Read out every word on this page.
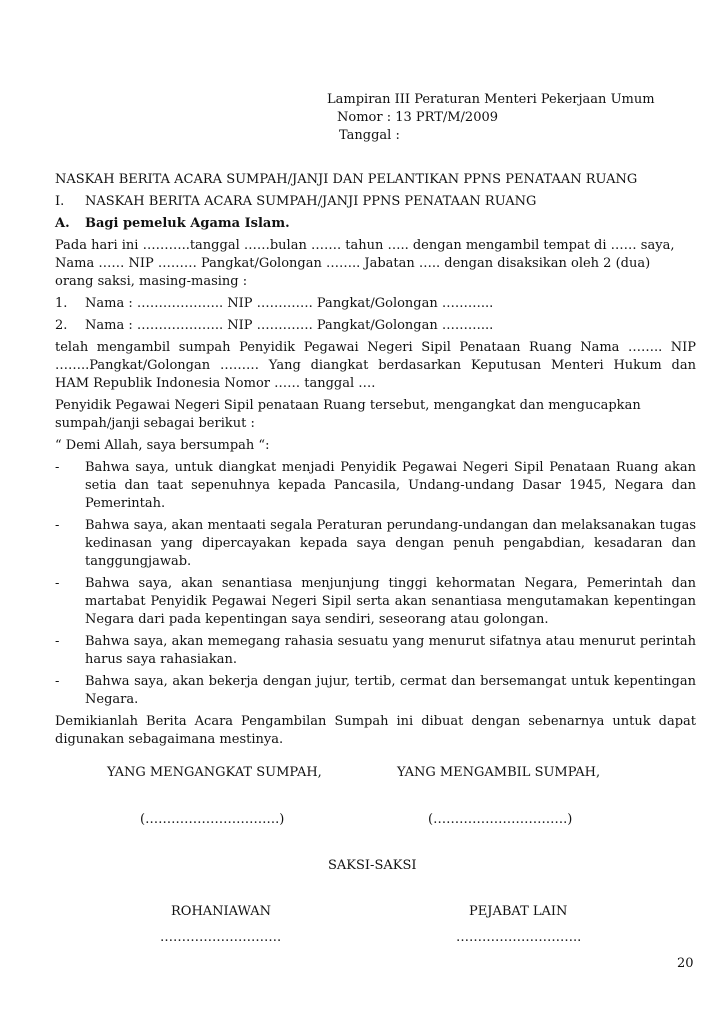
Lampiran III Peraturan Menteri Pekerjaan Umum
Nomor : 13 PRT/M/2009
Tanggal :
NASKAH BERITA ACARA SUMPAH/JANJI DAN PELANTIKAN PPNS PENATAAN RUANG
I.	NASKAH BERITA ACARA SUMPAH/JANJI PPNS PENATAAN RUANG
A.	Bagi pemeluk Agama Islam.
Pada hari ini ………..tanggal ……bulan ……. tahun ….. dengan mengambil tempat di …… saya,
Nama …… NIP ……… Pangkat/Golongan …….. Jabatan ….. dengan disaksikan oleh 2 (dua)
orang saksi, masing-masing :
1.	Nama : ……………….. NIP …………. Pangkat/Golongan ………...
2.	Nama : ……………….. NIP …………. Pangkat/Golongan ………...
telah mengambil sumpah Penyidik Pegawai Negeri Sipil Penataan Ruang Nama …….. NIP
……..Pangkat/Golongan ……… Yang diangkat berdasarkan Keputusan Menteri Hukum dan
HAM Republik Indonesia Nomor …… tanggal ….
Penyidik Pegawai Negeri Sipil penataan Ruang tersebut, mengangkat dan mengucapkan
sumpah/janji sebagai berikut :
“ Demi Allah, saya bersumpah “:
-	Bahwa saya, untuk diangkat menjadi Penyidik Pegawai Negeri Sipil Penataan Ruang akan setia dan taat sepenuhnya kepada Pancasila, Undang-undang Dasar 1945, Negara dan Pemerintah.
-	Bahwa saya, akan mentaati segala Peraturan perundang-undangan dan melaksanakan tugas kedinasan yang dipercayakan kepada saya dengan penuh pengabdian, kesadaran dan tanggungjawab.
-	Bahwa saya, akan senantiasa menjunjung tinggi kehormatan Negara, Pemerintah dan martabat Penyidik Pegawai Negeri Sipil serta akan senantiasa mengutamakan kepentingan Negara dari pada kepentingan saya sendiri, seseorang atau golongan.
-	Bahwa saya, akan memegang rahasia sesuatu yang menurut sifatnya atau menurut perintah harus saya rahasiakan.
-	Bahwa saya, akan bekerja dengan jujur, tertib, cermat dan bersemangat untuk kepentingan Negara.
Demikianlah Berita Acara Pengambilan Sumpah ini dibuat dengan sebenarnya untuk dapat digunakan sebagaimana mestinya.
YANG MENGANGKAT SUMPAH,	YANG MENGAMBIL SUMPAH,
(………………………….)	(………………………….)
SAKSI-SAKSI
ROHANIAWAN	PEJABAT LAIN
……………………….	………………………..
20
